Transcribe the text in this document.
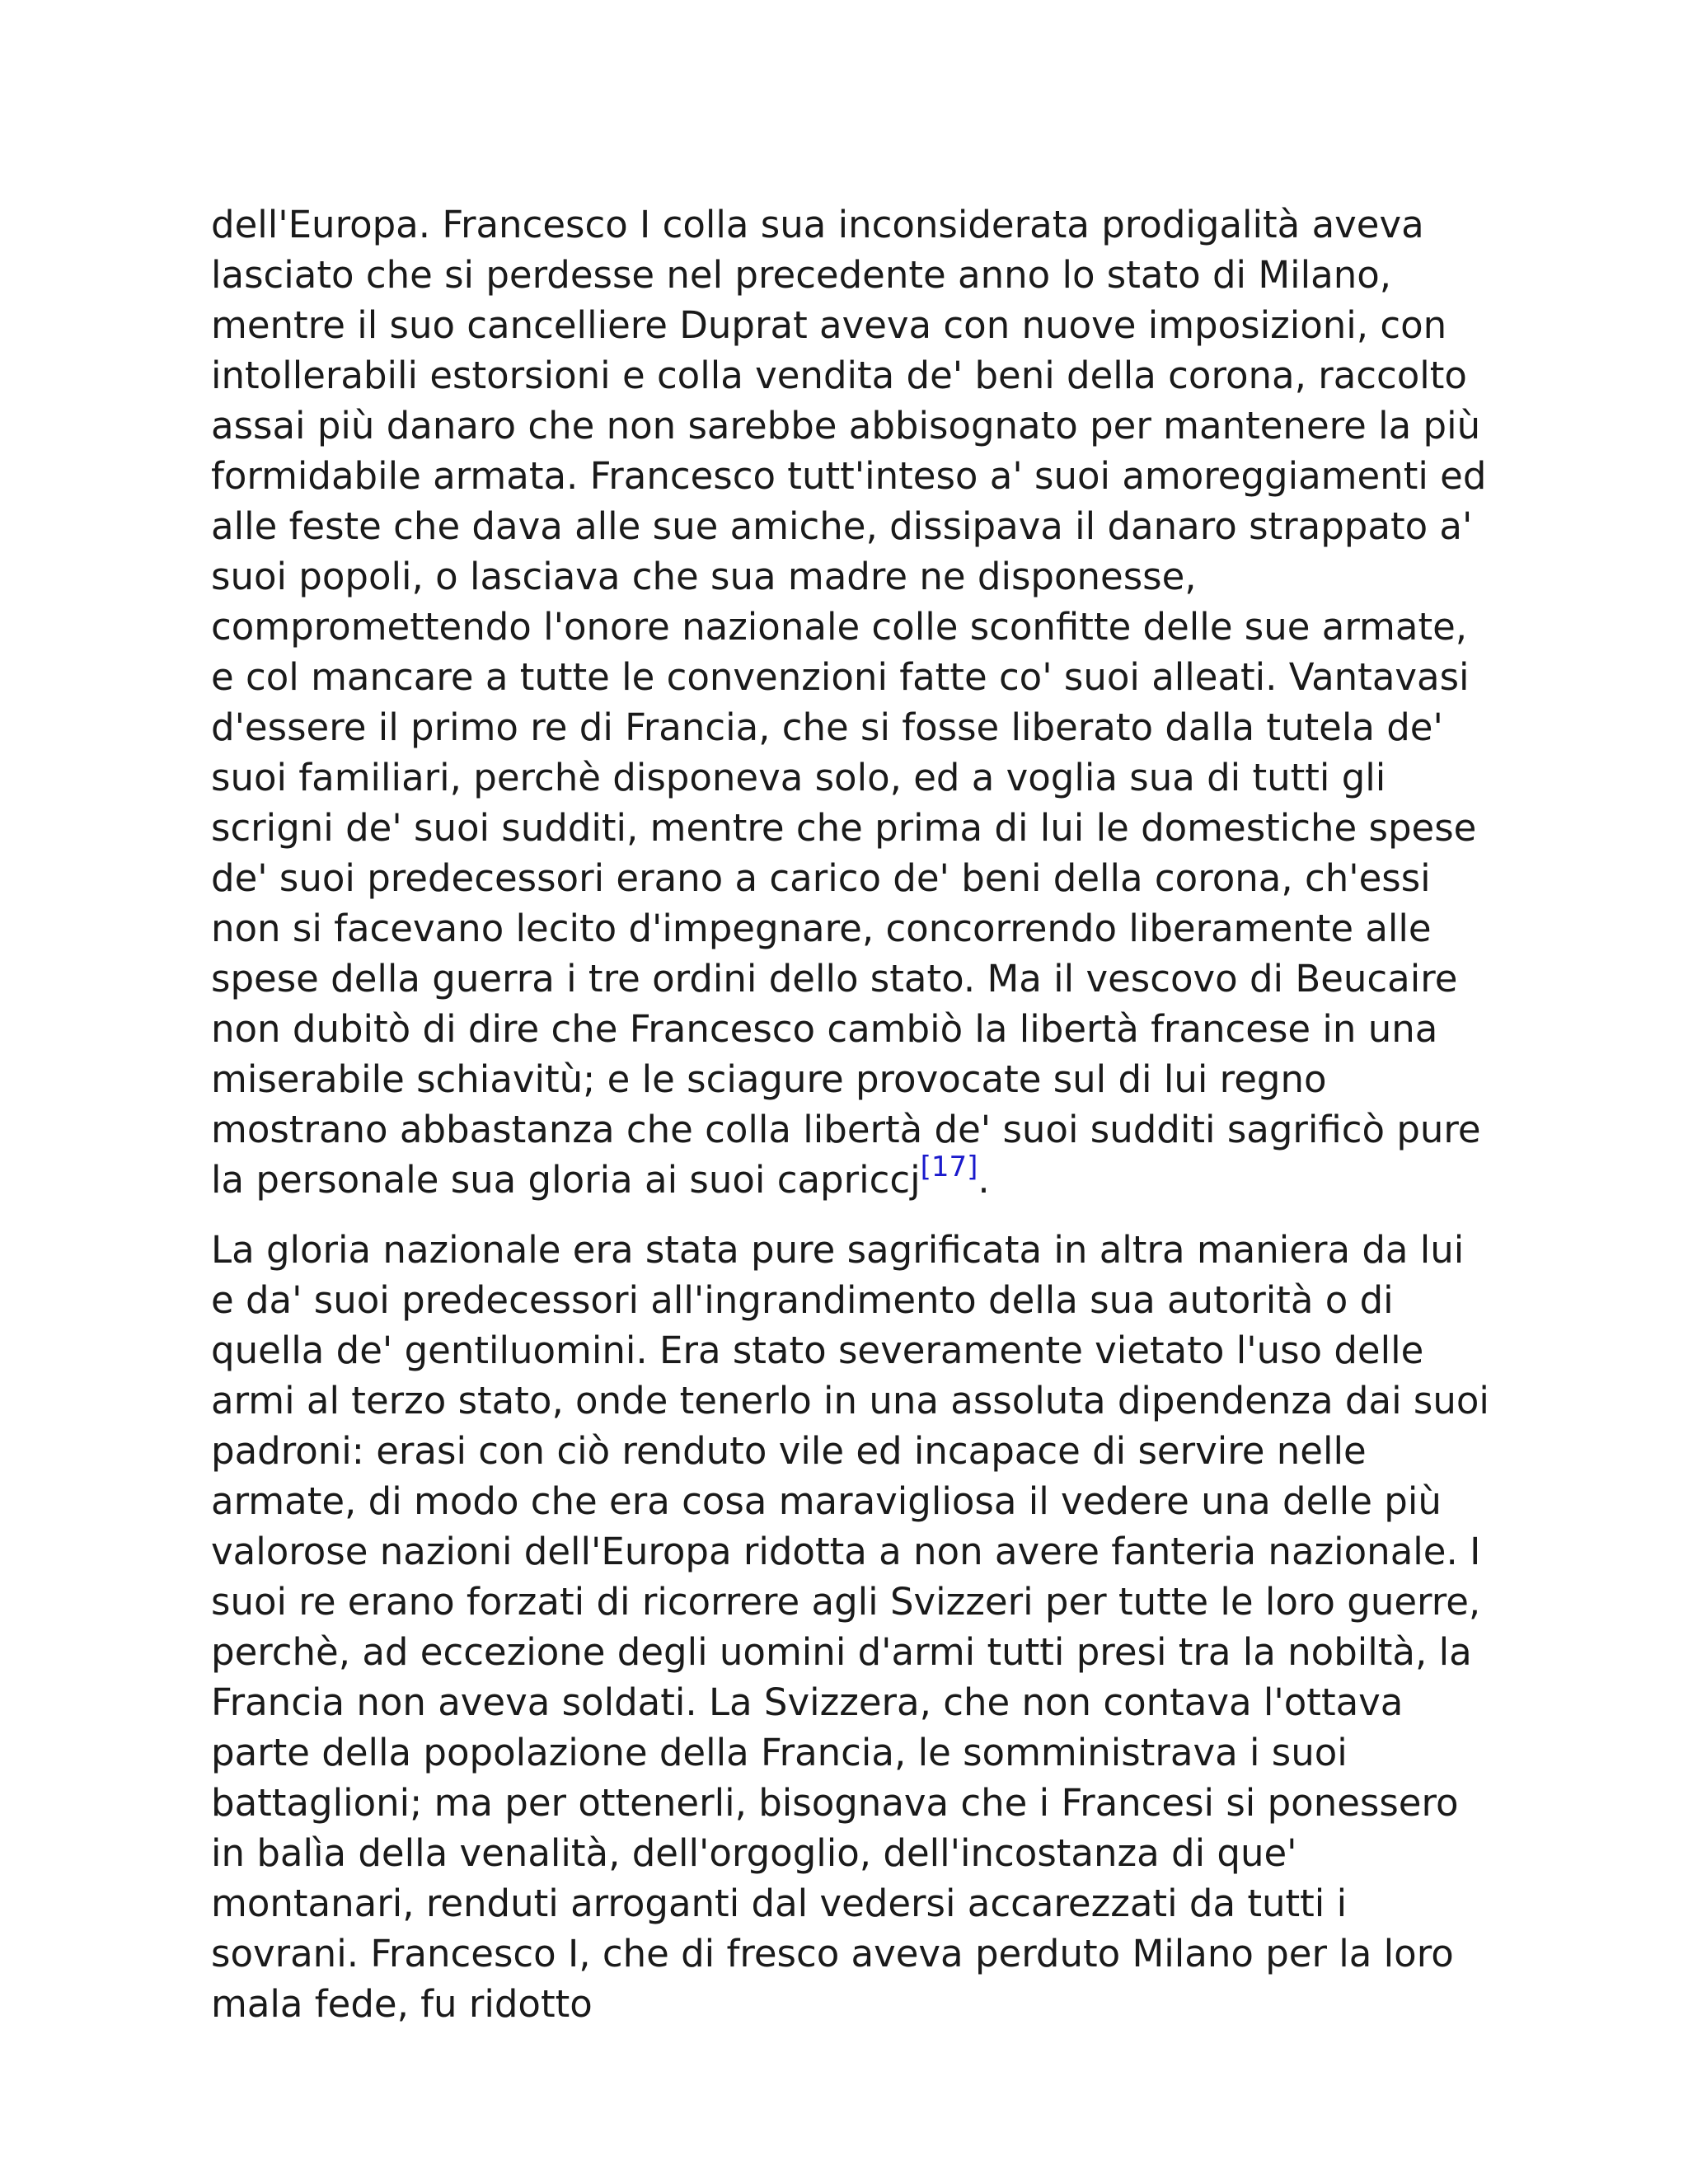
dell'Europa. Francesco I colla sua inconsiderata prodigalità aveva lasciato che si perdesse nel precedente anno lo stato di Milano, mentre il suo cancelliere Duprat aveva con nuove imposizioni, con intollerabili estorsioni e colla vendita de' beni della corona, raccolto assai più danaro che non sarebbe abbisognato per mantenere la più formidabile armata. Francesco tutt'inteso a' suoi amoreggiamenti ed alle feste che dava alle sue amiche, dissipava il danaro strappato a' suoi popoli, o lasciava che sua madre ne disponesse, compromettendo l'onore nazionale colle sconfitte delle sue armate, e col mancare a tutte le convenzioni fatte co' suoi alleati. Vantavasi d'essere il primo re di Francia, che si fosse liberato dalla tutela de' suoi familiari, perchè disponeva solo, ed a voglia sua di tutti gli scrigni de' suoi sudditi, mentre che prima di lui le domestiche spese de' suoi predecessori erano a carico de' beni della corona, ch'essi non si facevano lecito d'impegnare, concorrendo liberamente alle spese della guerra i tre ordini dello stato. Ma il vescovo di Beucaire non dubitò di dire che Francesco cambiò la libertà francese in una miserabile schiavitù; e le sciagure provocate sul di lui regno mostrano abbastanza che colla libertà de' suoi sudditi sagrificò pure la personale sua gloria ai suoi capriccj[17].

La gloria nazionale era stata pure sagrificata in altra maniera da lui e da' suoi predecessori all'ingrandimento della sua autorità o di quella de' gentiluomini. Era stato severamente vietato l'uso delle armi al terzo stato, onde tenerlo in una assoluta dipendenza dai suoi padroni: erasi con ciò renduto vile ed incapace di servire nelle armate, di modo che era cosa maravigliosa il vedere una delle più valorose nazioni dell'Europa ridotta a non avere fanteria nazionale. I suoi re erano forzati di ricorrere agli Svizzeri per tutte le loro guerre, perchè, ad eccezione degli uomini d'armi tutti presi tra la nobiltà, la Francia non aveva soldati. La Svizzera, che non contava l'ottava parte della popolazione della Francia, le somministrava i suoi battaglioni; ma per ottenerli, bisognava che i Francesi si ponessero in balìa della venalità, dell'orgoglio, dell'incostanza di que' montanari, renduti arroganti dal vedersi accarezzati da tutti i sovrani. Francesco I, che di fresco aveva perduto Milano per la loro mala fede, fu ridotto
